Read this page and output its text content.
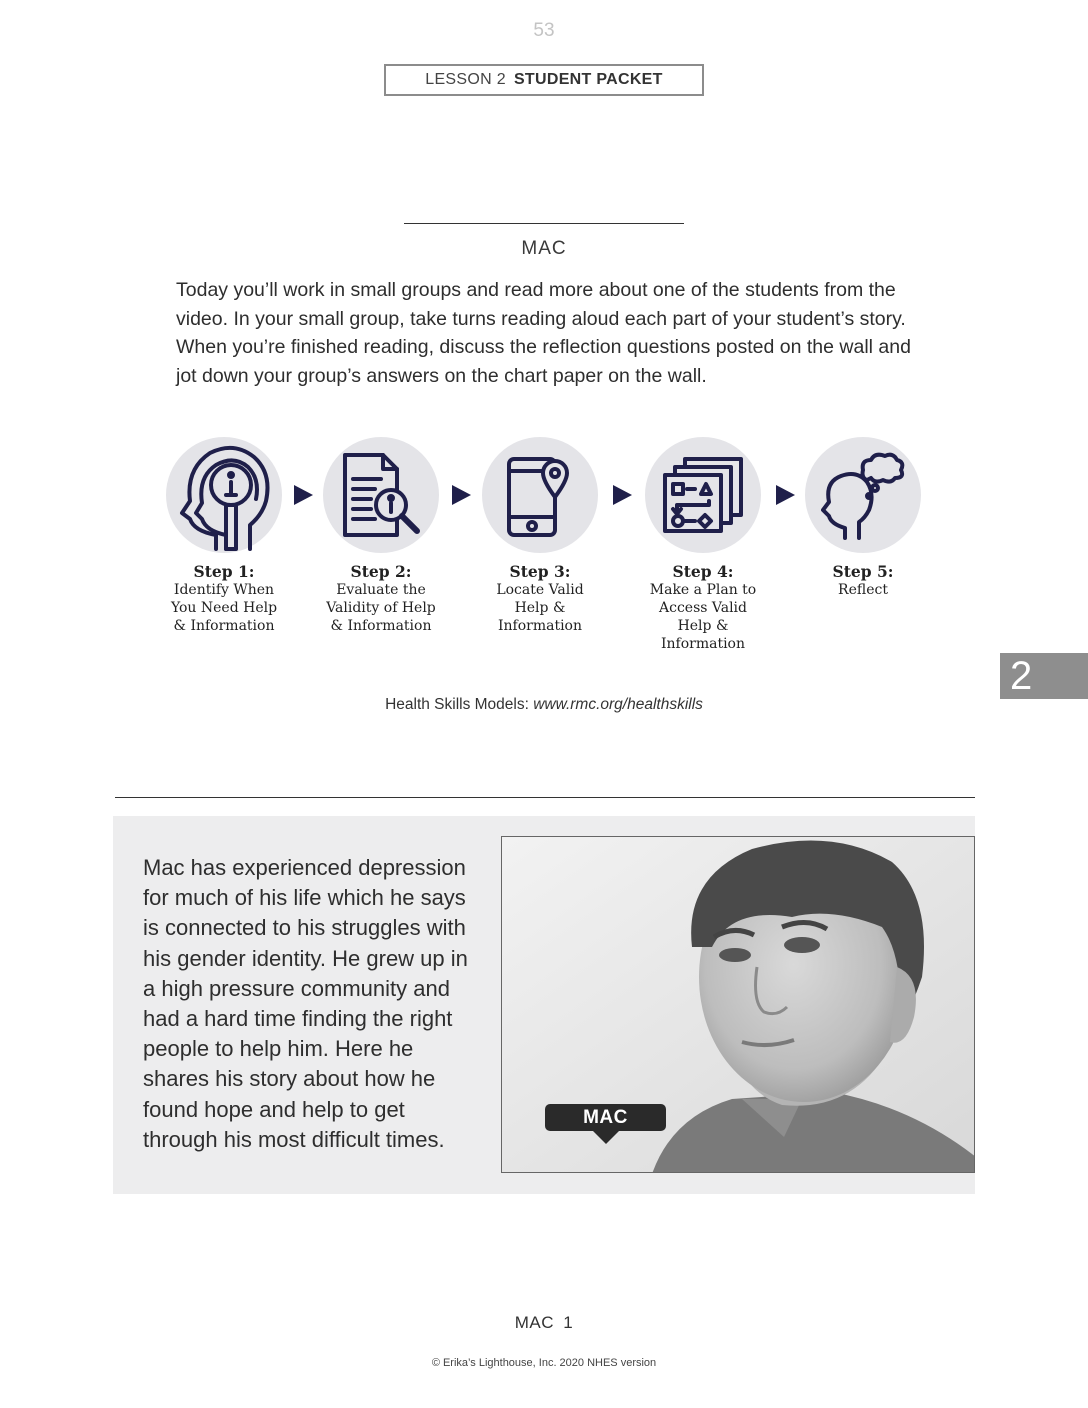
53
LESSON 2 STUDENT PACKET
MAC
Today you’ll work in small groups and read more about one of the students from the video. In your small group, take turns reading aloud each part of your student’s story. When you’re finished reading, discuss the reflection questions posted on the wall and jot down your group’s answers on the chart paper on the wall.
Step 1:
Identify When
You Need Help
& Information
Step 2:
Evaluate the
Validity of Help
& Information
Step 3:
Locate Valid
Help &
Information
Step 4:
Make a Plan to
Access Valid
Help &
Information
Step 5:
Reflect
Health Skills Models: www.rmc.org/healthskills
2
Mac has experienced depression for much of his life which he says is connected to his struggles with his gender identity. He grew up in a high pressure community and had a hard time finding the right people to help him. Here he shares his story about how he found hope and help to get through his most difficult times.
MAC
MAC 1
© Erika’s Lighthouse, Inc. 2020 NHES version
